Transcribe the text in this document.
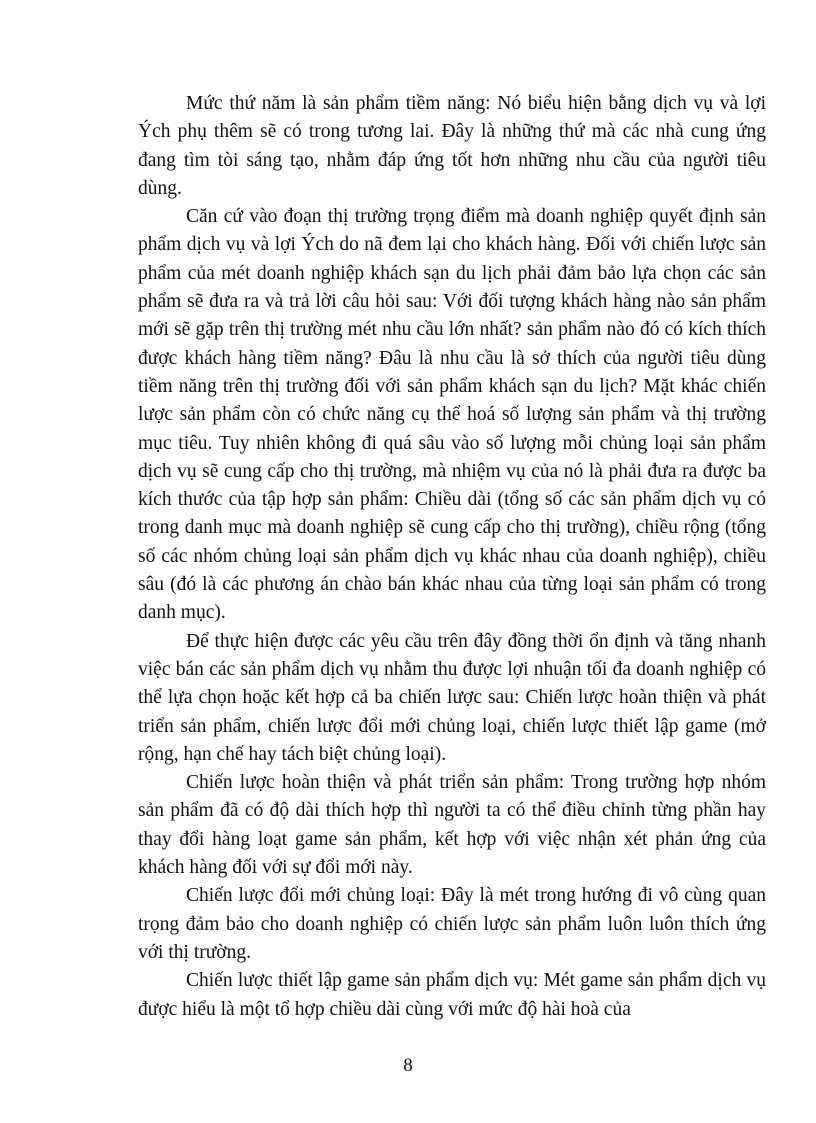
Mức thứ năm là sản phẩm tiềm năng: Nó biểu hiện bằng dịch vụ và lợi Ých phụ thêm sẽ có trong tương lai. Đây là những thứ mà các nhà cung ứng đang tìm tòi sáng tạo, nhằm đáp ứng tốt hơn những nhu cầu của người tiêu dùng.

Căn cứ vào đoạn thị trường trọng điểm mà doanh nghiệp quyết định sản phẩm dịch vụ và lợi Ých do nã đem lại cho khách hàng. Đối với chiến lược sản phẩm của mét doanh nghiệp khách sạn du lịch phải đảm bảo lựa chọn các sản phẩm sẽ đưa ra và trả lời câu hỏi sau: Với đối tượng khách hàng nào sản phẩm mới sẽ gặp trên thị trường mét nhu cầu lớn nhất? sản phẩm nào đó có kích thích được khách hàng tiềm năng? Đâu là nhu cầu là sở thích của người tiêu dùng tiềm năng trên thị trường đối với sản phẩm khách sạn du lịch? Mặt khác chiến lược sản phẩm còn có chức năng cụ thể hoá số lượng sản phẩm và thị trường mục tiêu. Tuy nhiên không đi quá sâu vào số lượng mỗi chủng loại sản phẩm dịch vụ sẽ cung cấp cho thị trường, mà nhiệm vụ của nó là phải đưa ra được ba kích thước của tập hợp sản phẩm: Chiều dài (tổng số các sản phẩm dịch vụ có trong danh mục mà doanh nghiệp sẽ cung cấp cho thị trường), chiều rộng (tổng số các nhóm chủng loại sản phẩm dịch vụ khác nhau của doanh nghiệp), chiều sâu (đó là các phương án chào bán khác nhau của từng loại sản phẩm có trong danh mục).

Để thực hiện được các yêu cầu trên đây đồng thời ổn định và tăng nhanh việc bán các sản phẩm dịch vụ nhằm thu được lợi nhuận tối đa doanh nghiệp có thể lựa chọn hoặc kết hợp cả ba chiến lược sau: Chiến lược hoàn thiện và phát triển sản phẩm, chiến lược đổi mới chủng loại, chiến lược thiết lập game (mở rộng, hạn chế hay tách biệt chủng loại).

Chiến lược hoàn thiện và phát triển sản phẩm: Trong trường hợp nhóm sản phẩm đã có độ dài thích hợp thì người ta có thể điều chỉnh từng phần hay thay đổi hàng loạt game sản phẩm, kết hợp với việc nhận xét phản ứng của khách hàng đối với sự đổi mới này.

Chiến lược đổi mới chủng loại: Đây là mét trong hướng đi vô cùng quan trọng đảm bảo cho doanh nghiệp có chiến lược sản phẩm luôn luôn thích ứng với thị trường.

Chiến lược thiết lập game sản phẩm dịch vụ: Mét game sản phẩm dịch vụ được hiểu là một tổ hợp chiều dài cùng với mức độ hài hoà của

8
